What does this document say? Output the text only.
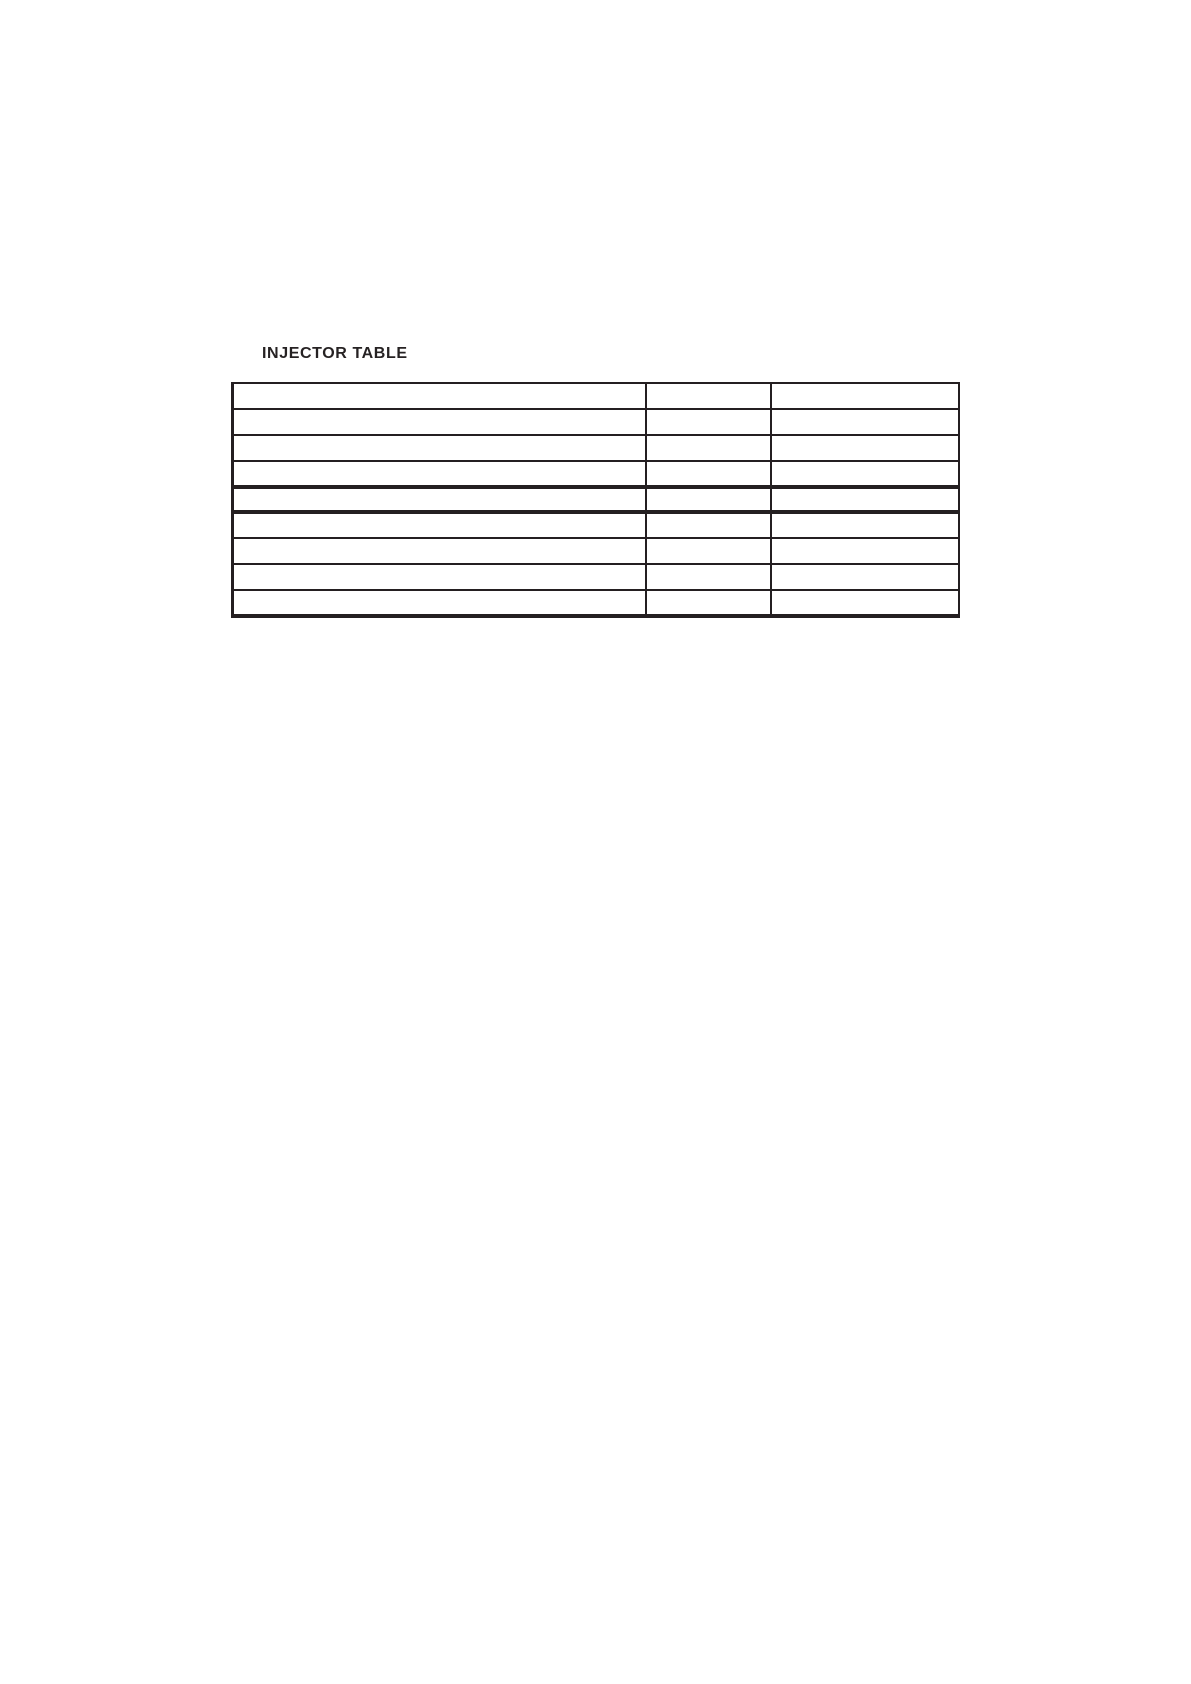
INJECTOR TABLE
